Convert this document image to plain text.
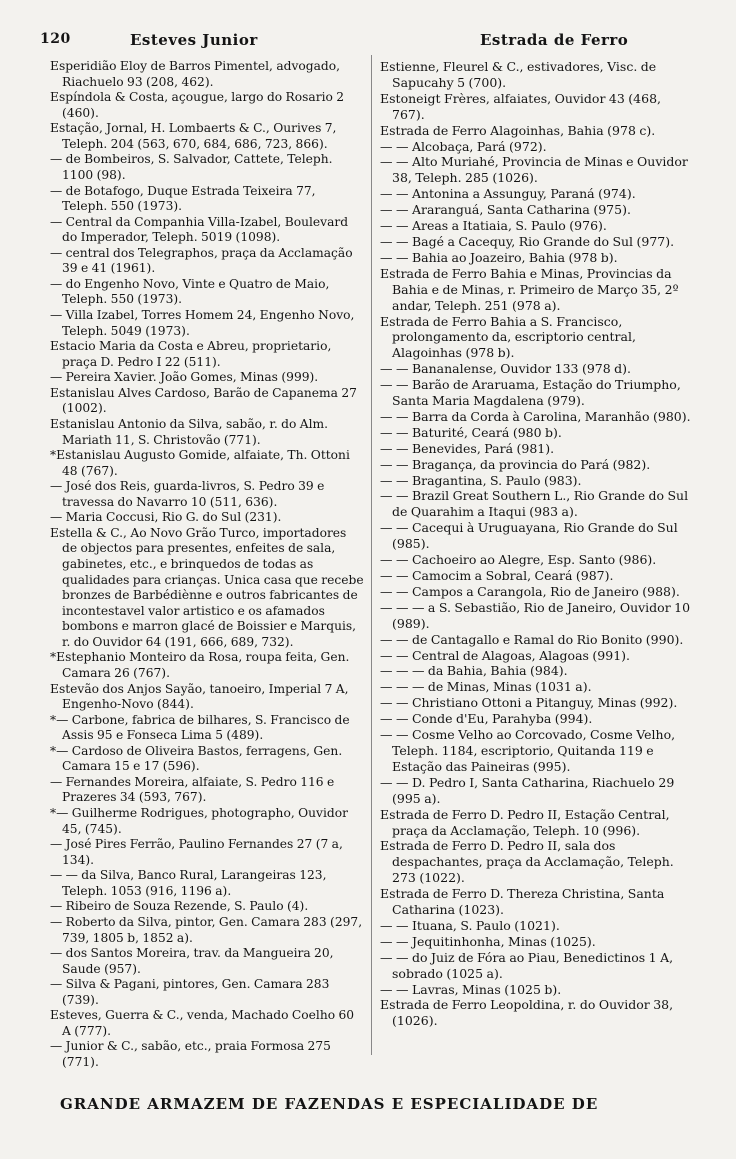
120	Esteves Junior	Estrada de Ferro

Esperidião Eloy de Barros Pimentel, advogado, Riachuelo 93 (208, 462).

Espíndola & Costa, açougue, largo do Rosario 2 (460).

Estação, Jornal, H. Lombaerts & C., Ourives 7, Teleph. 204 (563, 670, 684, 686, 723, 866).

— de Bombeiros, S. Salvador, Cattete, Teleph. 1100 (98).

— de Botafogo, Duque Estrada Teixeira 77, Teleph. 550 (1973).

— Central da Companhia Villa-Izabel, Boulevard do Imperador, Teleph. 5019 (1098).

— central dos Telegraphos, praça da Acclamação 39 e 41 (1961).

— do Engenho Novo, Vinte e Quatro de Maio, Teleph. 550 (1973).

— Villa Izabel, Torres Homem 24, Engenho Novo, Teleph. 5049 (1973).

Estacio Maria da Costa e Abreu, proprietario, praça D. Pedro I 22 (511).

— Pereira Xavier. João Gomes, Minas (999).

Estanislau Alves Cardoso, Barão de Capanema 27 (1002).

Estanislau Antonio da Silva, sabão, r. do Alm. Mariath 11, S. Christovão (771).

*Estanislau Augusto Gomide, alfaiate, Th. Ottoni 48 (767).

— José dos Reis, guarda-livros, S. Pedro 39 e travessa do Navarro 10 (511, 636).

— Maria Coccusi, Rio G. do Sul (231).

Estella & C., Ao Novo Grão Turco, importadores de objectos para presentes, enfeites de sala, gabinetes, etc., e brinquedos de todas as qualidades para crianças. Unica casa que recebe bronzes de Barbédiènne e outros fabricantes de incontestavel valor artistico e os afamados bombons e marron glacé de Boissier e Marquis, r. do Ouvidor 64 (191, 666, 689, 732).

*Estephanio Monteiro da Rosa, roupa feita, Gen. Camara 26 (767).

Estevão dos Anjos Sayão, tanoeiro, Imperial 7 A, Engenho-Novo (844).

*— Carbone, fabrica de bilhares, S. Francisco de Assis 95 e Fonseca Lima 5 (489).

*— Cardoso de Oliveira Bastos, ferragens, Gen. Camara 15 e 17 (596).

— Fernandes Moreira, alfaiate, S. Pedro 116 e Prazeres 34 (593, 767).

*— Guilherme Rodrigues, photographo, Ouvidor 45, (745).

— José Pires Ferrão, Paulino Fernandes 27 (7 a, 134).

— — da Silva, Banco Rural, Larangeiras 123, Teleph. 1053 (916, 1196 a).

— Ribeiro de Souza Rezende, S. Paulo (4).

— Roberto da Silva, pintor, Gen. Camara 283 (297, 739, 1805 b, 1852 a).

— dos Santos Moreira, trav. da Mangueira 20, Saude (957).

— Silva & Pagani, pintores, Gen. Camara 283 (739).

Esteves, Guerra & C., venda, Machado Coelho 60 A (777).

— Junior & C., sabão, etc., praia Formosa 275 (771).

Estienne, Fleurel & C., estivadores, Visc. de Sapucahy 5 (700).

Estoneigt Frères, alfaiates, Ouvidor 43 (468, 767).

Estrada de Ferro Alagoinhas, Bahia (978 c).

— — Alcobaça, Pará (972).

— — Alto Muriahé, Provincia de Minas e Ouvidor 38, Teleph. 285 (1026).

— — Antonina a Assunguy, Paraná (974).

— — Araranguá, Santa Catharina (975).

— — Areas a Itatiaia, S. Paulo (976).

— — Bagé a Cacequy, Rio Grande do Sul (977).

— — Bahia ao Joazeiro, Bahia (978 b).

Estrada de Ferro Bahia e Minas, Provincias da Bahia e de Minas, r. Primeiro de Março 35, 2º andar, Teleph. 251 (978 a).

Estrada de Ferro Bahia a S. Francisco, prolongamento da, escriptorio central, Alagoinhas (978 b).

— — Bananalense, Ouvidor 133 (978 d).

— — Barão de Araruama, Estação do Triumpho, Santa Maria Magdalena (979).

— — Barra da Corda à Carolina, Maranhão (980).

— — Baturité, Ceará (980 b).

— — Benevides, Pará (981).

— — Bragança, da provincia do Pará (982).

— — Bragantina, S. Paulo (983).

— — Brazil Great Southern L., Rio Grande do Sul de Quarahim a Itaqui (983 a).

— — Cacequi à Uruguayana, Rio Grande do Sul (985).

— — Cachoeiro ao Alegre, Esp. Santo (986).

— — Camocim a Sobral, Ceará (987).

— — Campos a Carangola, Rio de Janeiro (988).

— — — a S. Sebastião, Rio de Janeiro, Ouvidor 10 (989).

— — de Cantagallo e Ramal do Rio Bonito (990).

— — Central de Alagoas, Alagoas (991).

— — — da Bahia, Bahia (984).

— — — de Minas, Minas (1031 a).

— — Christiano Ottoni a Pitanguy, Minas (992).

— — Conde d'Eu, Parahyba (994).

— — Cosme Velho ao Corcovado, Cosme Velho, Teleph. 1184, escriptorio, Quitanda 119 e Estação das Paineiras (995).

— — D. Pedro I, Santa Catharina, Riachuelo 29 (995 a).

Estrada de Ferro D. Pedro II, Estação Central, praça da Acclamação, Teleph. 10 (996).

Estrada de Ferro D. Pedro II, sala dos despachantes, praça da Acclamação, Teleph. 273 (1022).

Estrada de Ferro D. Thereza Christina, Santa Catharina (1023).

— — Ituana, S. Paulo (1021).

— — Jequitinhonha, Minas (1025).

— — do Juiz de Fóra ao Piau, Benedictinos 1 A, sobrado (1025 a).

— — Lavras, Minas (1025 b).

Estrada de Ferro Leopoldina, r. do Ouvidor 38, (1026).

GRANDE ARMAZEM DE FAZENDAS E ESPECIALIDADE DE
